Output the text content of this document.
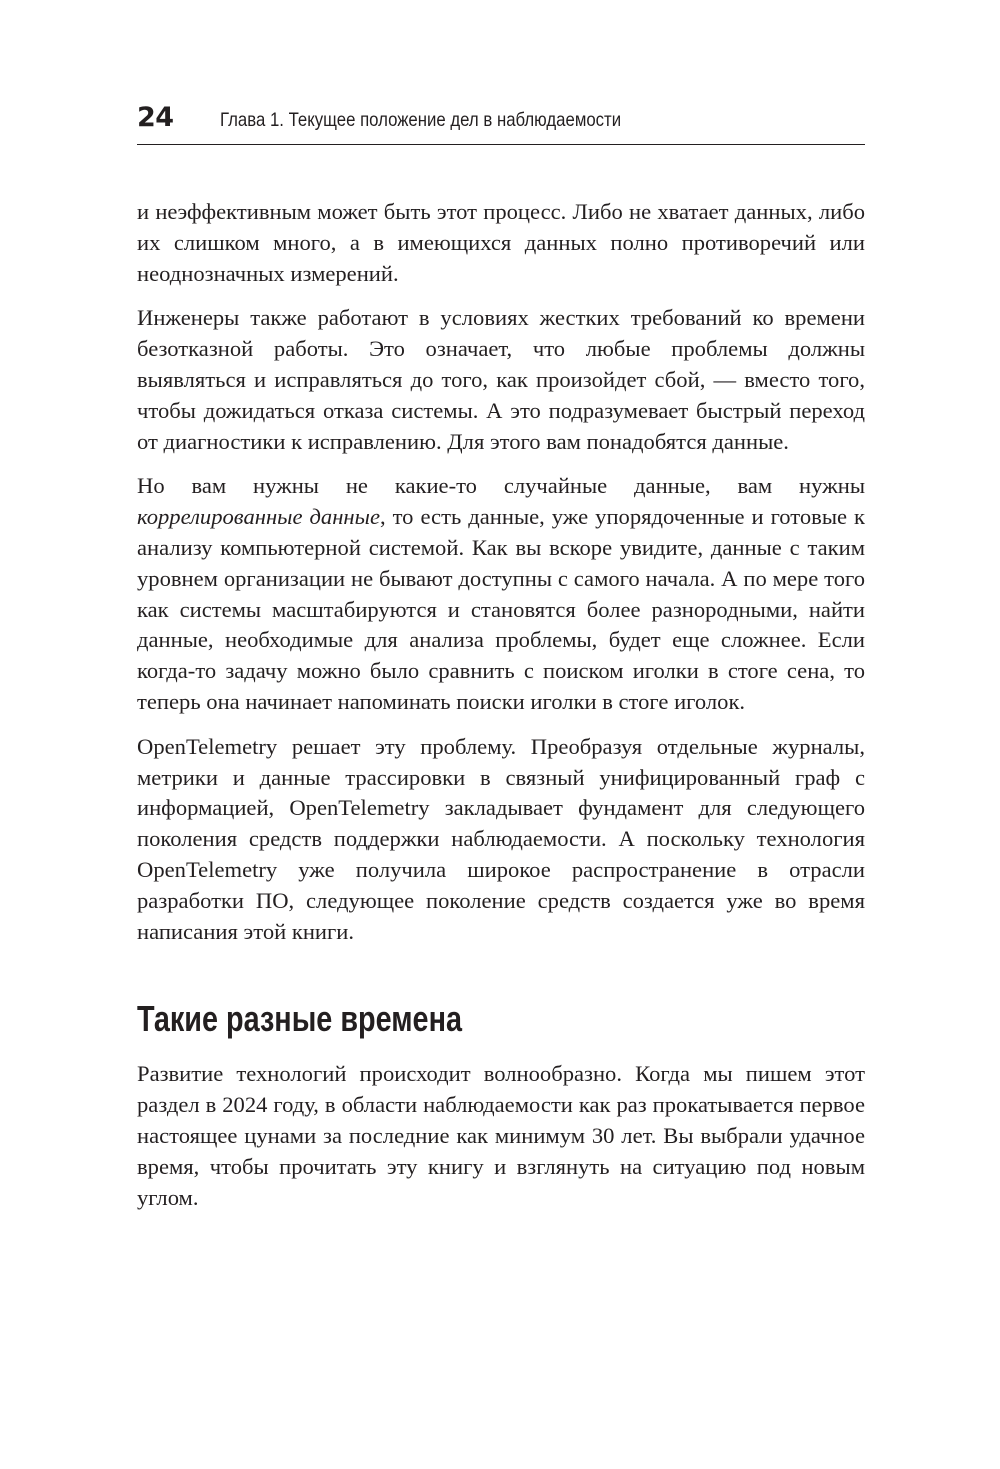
24 Глава 1. Текущее положение дел в наблюдаемости

и неэффективным может быть этот процесс. Либо не хватает данных, либо их слишком много, а в имеющихся данных полно противоречий или неоднозначных измерений.

Инженеры также работают в условиях жестких требований ко времени безотказной работы. Это означает, что любые проблемы должны выявляться и исправляться до того, как произойдет сбой, — вместо того, чтобы дожидаться отказа системы. А это подразумевает быстрый переход от диагностики к исправлению. Для этого вам понадобятся данные.

Но вам нужны не какие-то случайные данные, вам нужны коррелированные данные, то есть данные, уже упорядоченные и готовые к анализу компьютерной системой. Как вы вскоре увидите, данные с таким уровнем организации не бывают доступны с самого начала. А по мере того как системы масштабируются и становятся более разнородными, найти данные, необходимые для анализа проблемы, будет еще сложнее. Если когда-то задачу можно было сравнить с поиском иголки в стоге сена, то теперь она начинает напоминать поиски иголки в стоге иголок.

OpenTelemetry решает эту проблему. Преобразуя отдельные журналы, метрики и данные трассировки в связный унифицированный граф с информацией, OpenTelemetry закладывает фундамент для следующего поколения средств поддержки наблюдаемости. А поскольку технология OpenTelemetry уже получила широкое распространение в отрасли разработки ПО, следующее поколение средств создается уже во время написания этой книги.

Такие разные времена

Развитие технологий происходит волнообразно. Когда мы пишем этот раздел в 2024 году, в области наблюдаемости как раз прокатывается первое настоящее цунами за последние как минимум 30 лет. Вы выбрали удачное время, чтобы прочитать эту книгу и взглянуть на ситуацию под новым углом.
